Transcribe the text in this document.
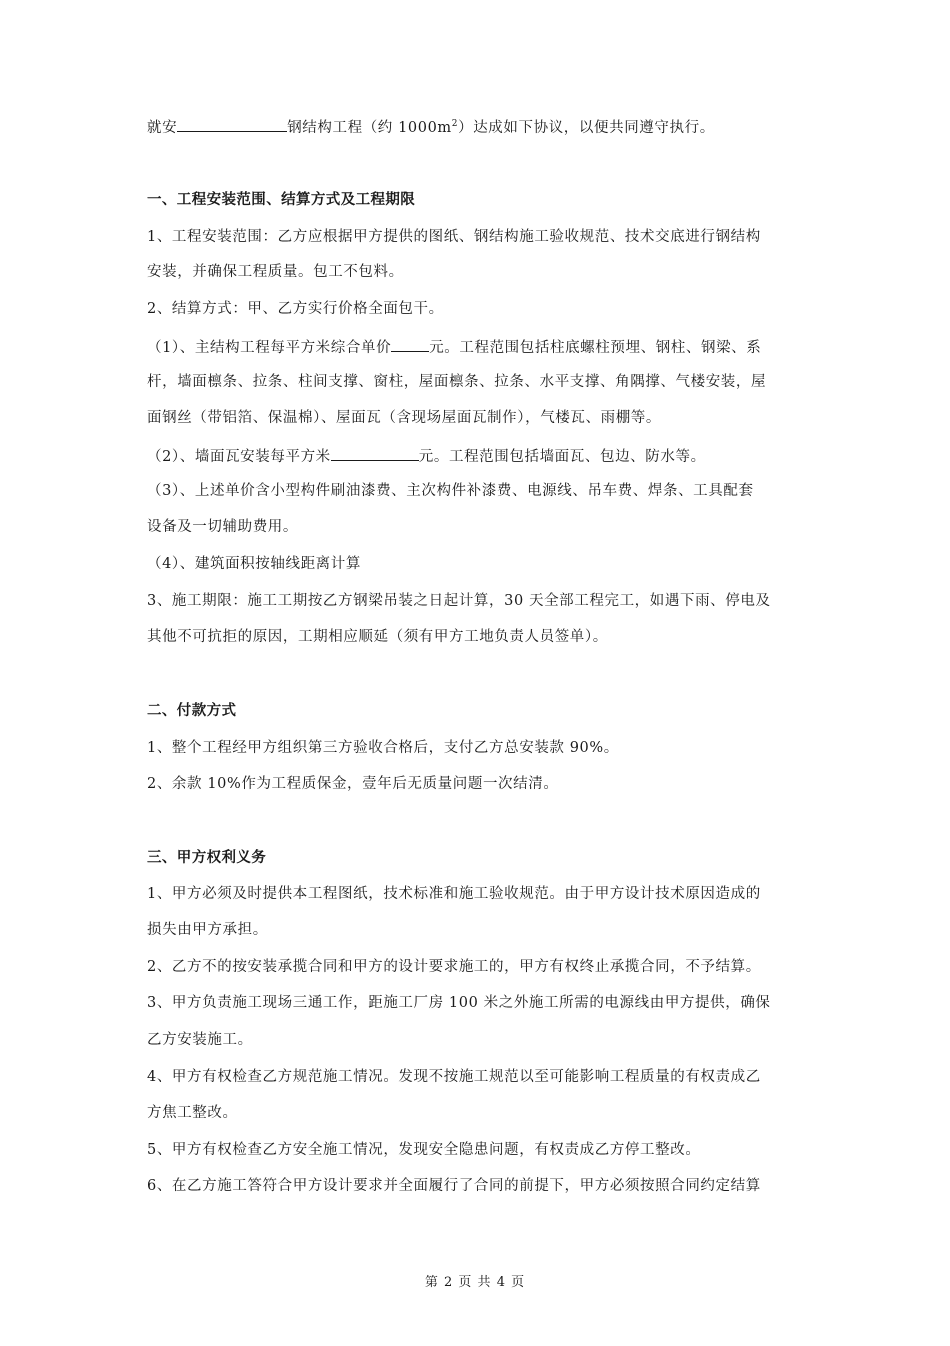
就安	钢结构工程（约 $1000m^2$）达成如下协议，以便共同遵守执行。
一、工程安装范围、结算方式及工程期限
1、工程安装范围：乙方应根据甲方提供的图纸、钢结构施工验收规范、技术交底进行钢结构
安装，并确保工程质量。包工不包料。
2、结算方式：甲、乙方实行价格全面包干。
（1）、主结构工程每平方米综合单价	元。工程范围包括柱底螺柱预埋、钢柱、钢梁、系
杆，墙面檩条、拉条、柱间支撑、窗柱，屋面檩条、拉条、水平支撑、角隅撑、气楼安装，屋
面钢丝（带铝箔、保温棉）、屋面瓦（含现场屋面瓦制作），气楼瓦、雨棚等。
（2）、墙面瓦安装每平方米	元。工程范围包括墙面瓦、包边、防水等。
（3）、上述单价含小型构件刷油漆费、主次构件补漆费、电源线、吊车费、焊条、工具配套
设备及一切辅助费用。
（4）、建筑面积按轴线距离计算
3、施工期限：施工工期按乙方钢梁吊装之日起计算，30 天全部工程完工，如遇下雨、停电及
其他不可抗拒的原因，工期相应顺延（须有甲方工地负责人员签单）。
二、付款方式
1、整个工程经甲方组织第三方验收合格后，支付乙方总安装款 90%。
2、余款 10%作为工程质保金，壹年后无质量问题一次结清。
三、甲方权利义务
1、甲方必须及时提供本工程图纸，技术标准和施工验收规范。由于甲方设计技术原因造成的
损失由甲方承担。
2、乙方不的按安装承揽合同和甲方的设计要求施工的，甲方有权终止承揽合同，不予结算。
3、甲方负责施工现场三通工作，距施工厂房 100 米之外施工所需的电源线由甲方提供，确保
乙方安装施工。
4、甲方有权检查乙方规范施工情况。发现不按施工规范以至可能影响工程质量的有权责成乙
方焦工整改。
5、甲方有权检查乙方安全施工情况，发现安全隐患问题，有权责成乙方停工整改。
6、在乙方施工答符合甲方设计要求并全面履行了合同的前提下，甲方必须按照合同约定结算
第 2 页 共 4 页
